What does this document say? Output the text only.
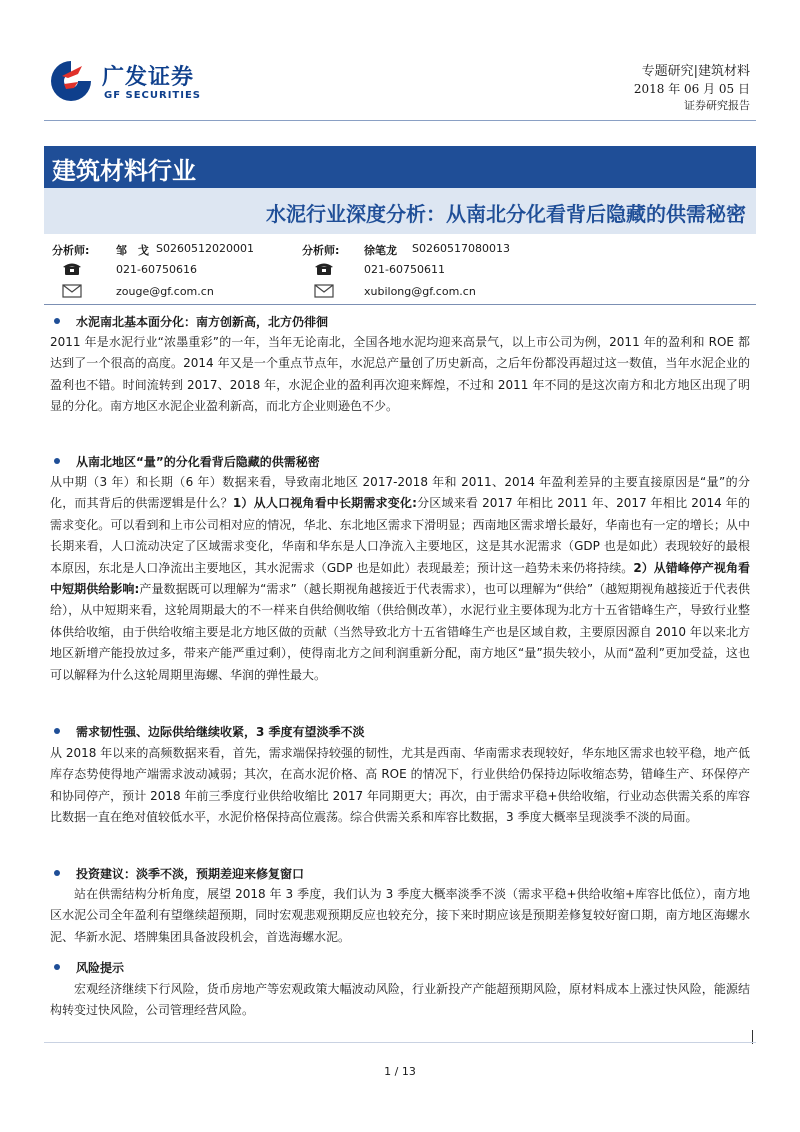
广发证券
GF SECURITIES
专题研究|建筑材料
2018 年 06 月 05 日
证券研究报告
建筑材料行业
水泥行业深度分析：从南北分化看背后隐藏的供需秘密
分析师: 邹　戈 S0260512020001
021-60750616
zouge@gf.com.cn
分析师: 徐笔龙 S0260517080013
021-60750611
xubilong@gf.com.cn
水泥南北基本面分化：南方创新高，北方仍徘徊
2011 年是水泥行业“浓墨重彩”的一年，当年无论南北，全国各地水泥均迎来高景气，以上市公司为例，2011 年的盈利和 ROE 都达到了一个很高的高度。2014 年又是一个重点节点年，水泥总产量创了历史新高，之后年份都没再超过这一数值，当年水泥企业的盈利也不错。时间流转到 2017、2018 年，水泥企业的盈利再次迎来辉煌，不过和 2011 年不同的是这次南方和北方地区出现了明显的分化。南方地区水泥企业盈利新高，而北方企业则逊色不少。
从南北地区“量”的分化看背后隐藏的供需秘密
从中期（3 年）和长期（6 年）数据来看，导致南北地区 2017-2018 年和 2011、2014 年盈利差异的主要直接原因是“量”的分化，而其背后的供需逻辑是什么？1）从人口视角看中长期需求变化:分区域来看 2017 年相比 2011 年、2017 年相比 2014 年的需求变化。可以看到和上市公司相对应的情况，华北、东北地区需求下滑明显；西南地区需求增长最好，华南也有一定的增长；从中长期来看，人口流动决定了区域需求变化，华南和华东是人口净流入主要地区，这是其水泥需求（GDP 也是如此）表现较好的最根本原因，东北是人口净流出主要地区，其水泥需求（GDP 也是如此）表现最差；预计这一趋势未来仍将持续。2）从错峰停产视角看中短期供给影响:产量数据既可以理解为“需求”（越长期视角越接近于代表需求），也可以理解为“供给”（越短期视角越接近于代表供给），从中短期来看，这轮周期最大的不一样来自供给侧收缩（供给侧改革），水泥行业主要体现为北方十五省错峰生产，导致行业整体供给收缩，由于供给收缩主要是北方地区做的贡献（当然导致北方十五省错峰生产也是区域自救，主要原因源自 2010 年以来北方地区新增产能投放过多，带来产能严重过剩），使得南北方之间利润重新分配，南方地区“量”损失较小，从而“盈利”更加受益，这也可以解释为什么这轮周期里海螺、华润的弹性最大。
需求韧性强、边际供给继续收紧，3 季度有望淡季不淡
从 2018 年以来的高频数据来看，首先，需求端保持较强的韧性，尤其是西南、华南需求表现较好，华东地区需求也较平稳，地产低库存态势使得地产端需求波动减弱；其次，在高水泥价格、高 ROE 的情况下，行业供给仍保持边际收缩态势，错峰生产、环保停产和协同停产，预计 2018 年前三季度行业供给收缩比 2017 年同期更大；再次，由于需求平稳+供给收缩，行业动态供需关系的库容比数据一直在绝对值较低水平，水泥价格保持高位震荡。综合供需关系和库容比数据，3 季度大概率呈现淡季不淡的局面。
投资建议：淡季不淡，预期差迎来修复窗口
站在供需结构分析角度，展望 2018 年 3 季度，我们认为 3 季度大概率淡季不淡（需求平稳+供给收缩+库容比低位），南方地区水泥公司全年盈利有望继续超预期，同时宏观悲观预期反应也较充分，接下来时期应该是预期差修复较好窗口期，南方地区海螺水泥、华新水泥、塔牌集团具备波段机会，首选海螺水泥。
风险提示
宏观经济继续下行风险，货币房地产等宏观政策大幅波动风险，行业新投产产能超预期风险，原材料成本上涨过快风险，能源结构转变过快风险，公司管理经营风险。
1 / 13
